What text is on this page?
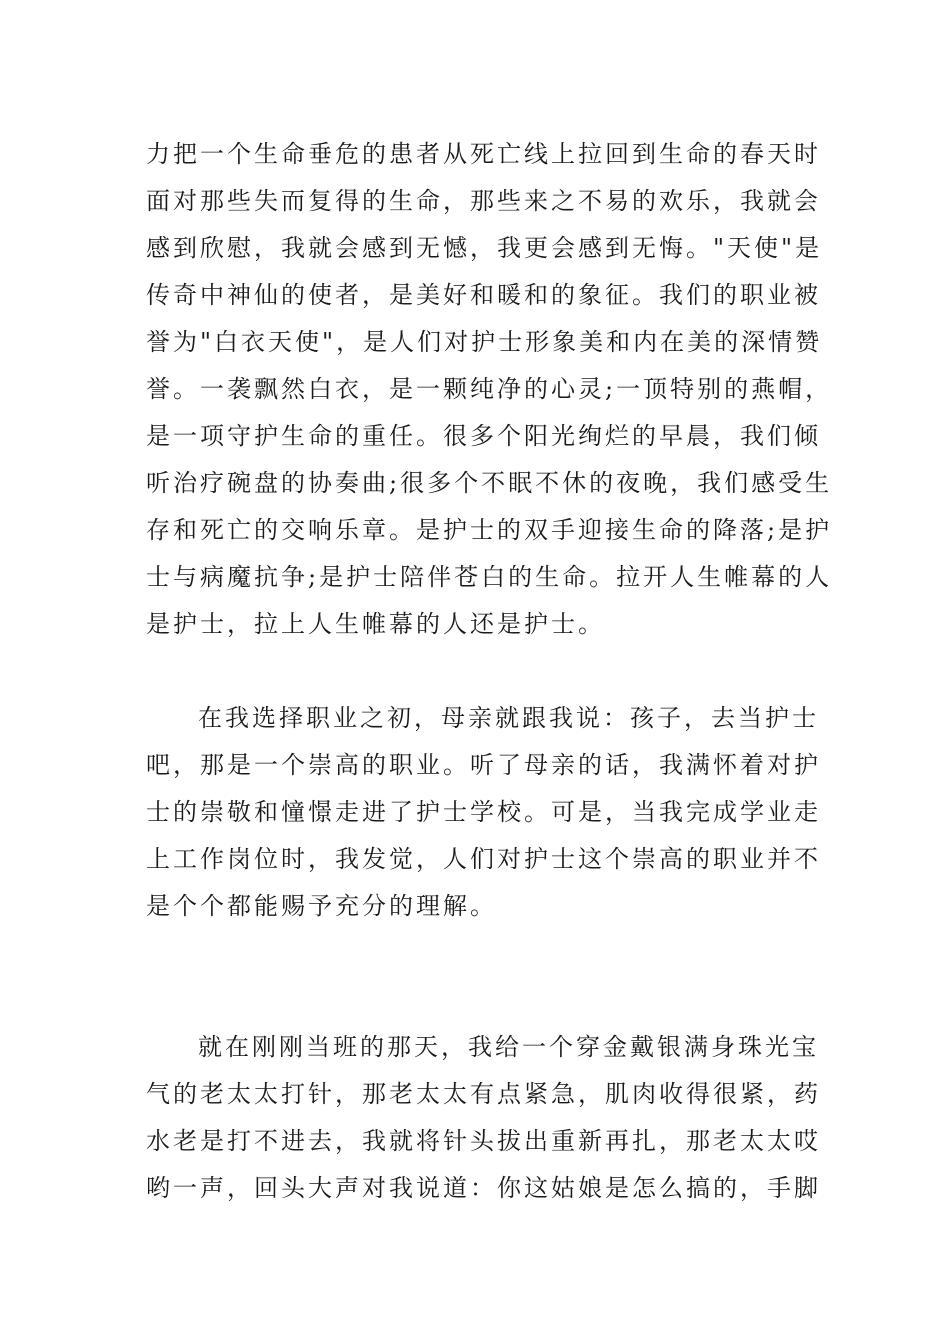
力把一个生命垂危的患者从死亡线上拉回到生命的春天时
面对那些失而复得的生命，那些来之不易的欢乐，我就会
感到欣慰，我就会感到无憾，我更会感到无悔。"天使"是
传奇中神仙的使者，是美好和暖和的象征。我们的职业被
誉为"白衣天使"，是人们对护士形象美和内在美的深情赞
誉。一袭飘然白衣，是一颗纯净的心灵;一顶特别的燕帽，
是一项守护生命的重任。很多个阳光绚烂的早晨，我们倾
听治疗碗盘的协奏曲;很多个不眠不休的夜晚，我们感受生
存和死亡的交响乐章。是护士的双手迎接生命的降落;是护
士与病魔抗争;是护士陪伴苍白的生命。拉开人生帷幕的人
是护士，拉上人生帷幕的人还是护士。
在我选择职业之初，母亲就跟我说：孩子，去当护士
吧，那是一个崇高的职业。听了母亲的话，我满怀着对护
士的崇敬和憧憬走进了护士学校。可是，当我完成学业走
上工作岗位时，我发觉，人们对护士这个崇高的职业并不
是个个都能赐予充分的理解。
就在刚刚当班的那天，我给一个穿金戴银满身珠光宝
气的老太太打针，那老太太有点紧急，肌肉收得很紧，药
水老是打不进去，我就将针头拔出重新再扎，那老太太哎
哟一声，回头大声对我说道：你这姑娘是怎么搞的，手脚
